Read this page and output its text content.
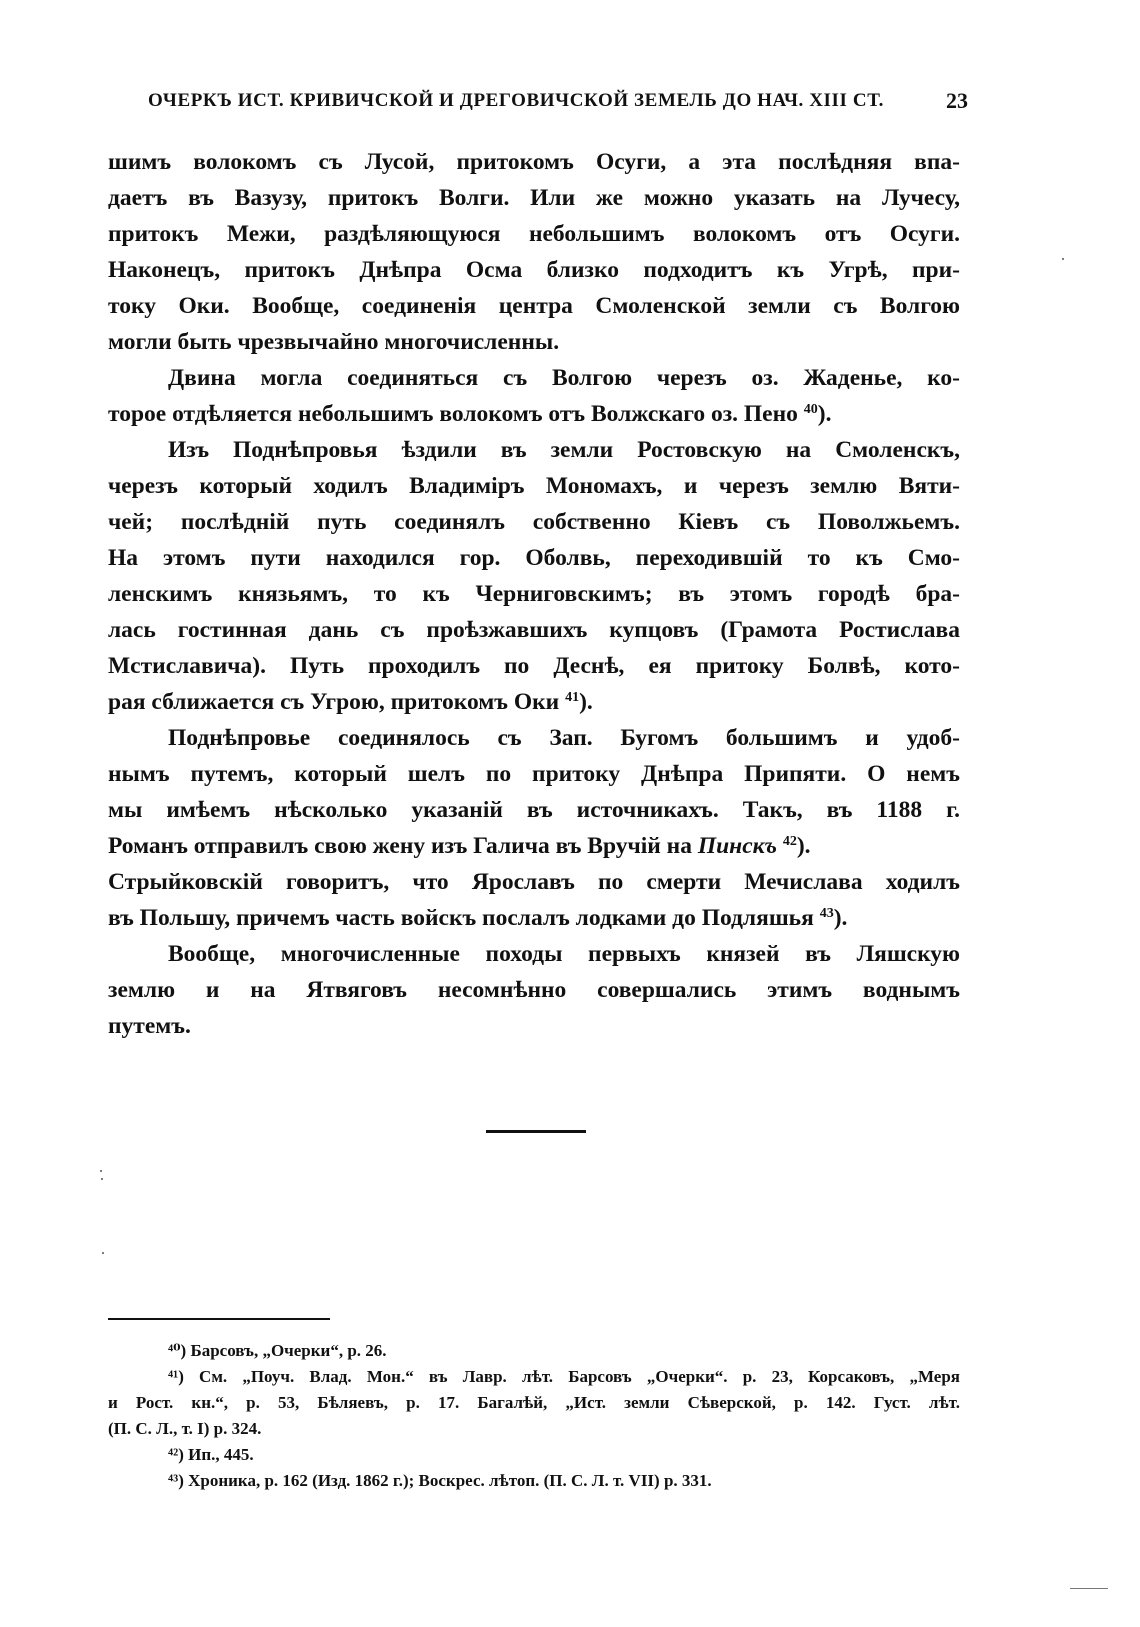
ОЧЕРКЪ ИСТ. КРИВИЧСКОЙ И ДРЕГОВИЧСКОЙ ЗЕМЕЛЬ ДО НАЧ. XIII СТ.	23
шимъ волокомъ съ Лусой, притокомъ Осуги, а эта послѣдняя впа-
даетъ въ Вазузу, притокъ Волги. Или же можно указать на Лучесу,
притокъ Межи, раздѣляющуюся небольшимъ волокомъ отъ Осуги.
Наконецъ, притокъ Днѣпра Осма близко подходитъ къ Угрѣ, при-
току Оки. Вообще, соединенія центра Смоленской земли съ Волгою
могли быть чрезвычайно многочисленны.
Двина могла соединяться съ Волгою черезъ оз. Жаденье, ко-
торое отдѣляется небольшимъ волокомъ отъ Волжскаго оз. Пено $^{40}$).
Изъ Поднѣпровья ѣздили въ земли Ростовскую на Смоленскъ,
черезъ который ходилъ Владиміръ Мономахъ, и черезъ землю Вяти-
чей; послѣдній путь соединялъ собственно Кіевъ съ Поволжьемъ.
На этомъ пути находился гор. Оболвь, переходившій то къ Смо-
ленскимъ князьямъ, то къ Черниговскимъ; въ этомъ городѣ бра-
лась гостинная дань съ проѣзжавшихъ купцовъ (Грамота Ростислава
Мстиславича). Путь проходилъ по Деснѣ, ея притоку Болвѣ, кото-
рая сближается съ Угрою, притокомъ Оки $^{41}$).
Поднѣпровье соединялось съ Зап. Бугомъ большимъ и удоб-
нымъ путемъ, который шелъ по притоку Днѣпра Припяти. О немъ
мы имѣемъ нѣсколько указаній въ источникахъ. Такъ, въ 1188 г.
Романъ отправилъ свою жену изъ Галича въ Вручій на Пинскъ $^{42}$).
Стрыйковскій говоритъ, что Ярославъ по смерти Мечислава ходилъ
въ Польшу, причемъ часть войскъ послалъ лодками до Подляшья $^{43}$).
Вообще, многочисленные походы первыхъ князей въ Ляшскую
землю и на Ятвяговъ несомнѣнно совершались этимъ воднымъ
путемъ.
⁴⁰) Барсовъ, „Очерки“, р. 26.
⁴¹) См. „Поуч. Влад. Мон.“ въ Лавр. лѣт. Барсовъ „Очерки“. р. 23, Корсаковъ, „Меря
и Рост. кн.“, р. 53, Бѣляевъ, р. 17. Багалѣй, „Ист. земли Сѣверской, р. 142. Густ. лѣт.
(П. С. Л., т. I) р. 324.
⁴²) Ип., 445.
⁴³) Хроника, р. 162 (Изд. 1862 г.); Воскрес. лѣтоп. (П. С. Л. т. VII) р. 331.
